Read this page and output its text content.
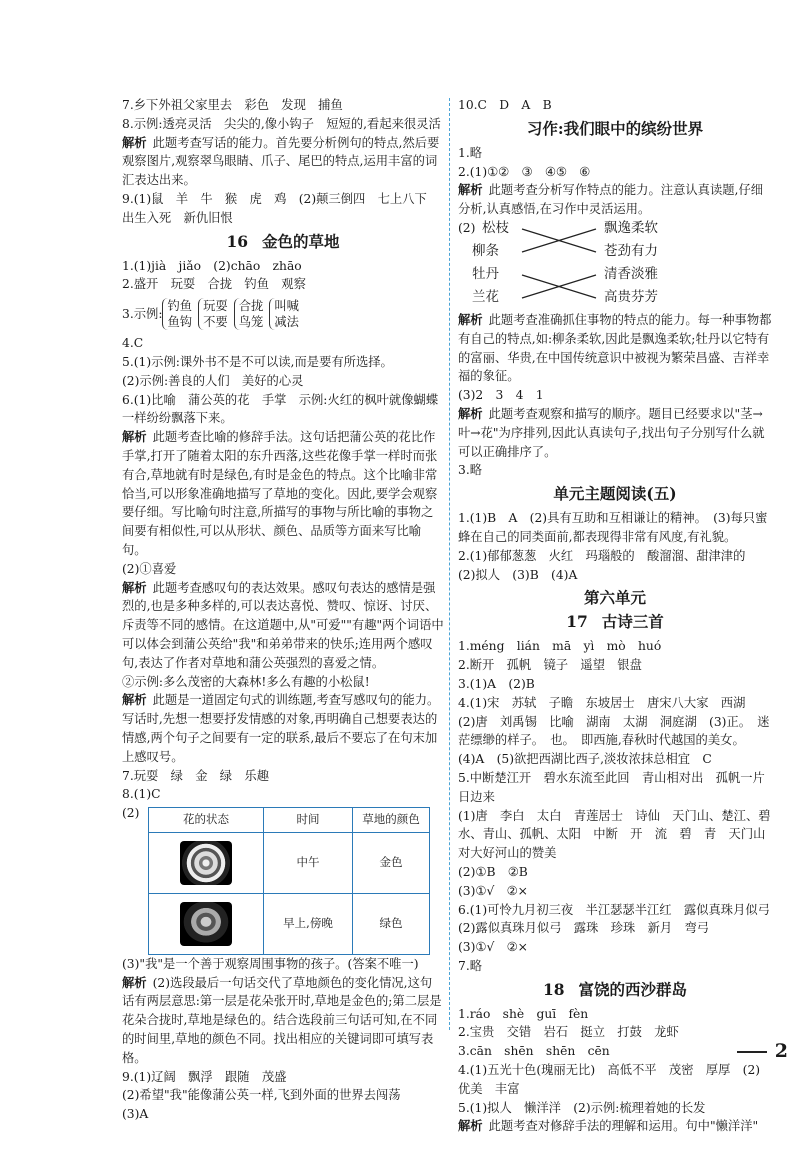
7.乡下外祖父家里去　彩色　发现　捕鱼
8.示例:透亮灵活　尖尖的,像小钩子　短短的,看起来很灵活
解析 此题考查写话的能力。首先要分析例句的特点,然后要观察图片,观察翠鸟眼睛、爪子、尾巴的特点,运用丰富的词汇表达出来。
9.(1)鼠　羊　牛　猴　虎　鸡　(2)颠三倒四　七上八下　出生入死　新仇旧恨
16 金色的草地
1.(1)jià　jiǎo　(2)chāo　zhāo
2.盛开　玩耍　合拢　钓鱼　观察
3.示例:
钓鱼
鱼钩
玩耍
不要
合拢
鸟笼
叫喊
减法
4.C
5.(1)示例:课外书不是不可以读,而是要有所选择。
(2)示例:善良的人们　美好的心灵
6.(1)比喻　蒲公英的花　手掌　示例:火红的枫叶就像蝴蝶一样纷纷飘落下来。
解析 此题考查比喻的修辞手法。这句话把蒲公英的花比作手掌,打开了随着太阳的东升西落,这些花像手掌一样时而张有合,草地就有时是绿色,有时是金色的特点。这个比喻非常恰当,可以形象准确地描写了草地的变化。因此,要学会观察要仔细。写比喻句时注意,所描写的事物与所比喻的事物之间要有相似性,可以从形状、颜色、品质等方面来写比喻句。
(2)①喜爱
解析 此题考查感叹句的表达效果。感叹句表达的感情是强烈的,也是多种多样的,可以表达喜悦、赞叹、惊讶、讨厌、斥责等不同的感情。在这道题中,从"可爱""有趣"两个词语中可以体会到蒲公英给"我"和弟弟带来的快乐;连用两个感叹句,表达了作者对草地和蒲公英强烈的喜爱之情。
②示例:多么茂密的大森林!多么有趣的小松鼠!
解析 此题是一道固定句式的训练题,考查写感叹句的能力。写话时,先想一想要抒发情感的对象,再明确自己想要表达的情感,两个句子之间要有一定的联系,最后不要忘了在句末加上感叹号。
7.玩耍　绿　金　绿　乐趣
8.(1)C
(2)	花的状态	时间	草地的颜色

	中午	金色

	早上,傍晚	绿色
(3)"我"是一个善于观察周围事物的孩子。(答案不唯一)
解析 (2)选段最后一句话交代了草地颜色的变化情况,这句话有两层意思:第一层是花朵张开时,草地是金色的;第二层是花朵合拢时,草地是绿色的。结合选段前三句话可知,在不同的时间里,草地的颜色不同。找出相应的关键词即可填写表格。
9.(1)辽阔　飘浮　跟随　茂盛
(2)希望"我"能像蒲公英一样,飞到外面的世界去闯荡
(3)A
10.C　D　A　B
习作:我们眼中的缤纷世界
1.略
2.(1)①②　③　④⑤　⑥
解析 此题考查分析写作特点的能力。注意认真读题,仔细分析,认真感悟,在习作中灵活运用。
(2) 松枝
柳条
牡丹
兰花
飘逸柔软
苍劲有力
清香淡雅
高贵芬芳
解析 此题考查准确抓住事物的特点的能力。每一种事物都有自己的特点,如:柳条柔软,因此是飘逸柔软;牡丹以它特有的富丽、华贵,在中国传统意识中被视为繁荣昌盛、吉祥幸福的象征。
(3)2　3　4　1
解析 此题考查观察和描写的顺序。题目已经要求以"茎→叶→花"为序排列,因此认真读句子,找出句子分别写什么就可以正确排序了。
3.略
单元主题阅读(五)
1.(1)B　A　(2)具有互助和互相谦让的精神。　(3)每只蜜蜂在自己的同类面前,都表现得非常有风度,有礼貌。
2.(1)郁郁葱葱　火红　玛瑙般的　酸溜溜、甜津津的　(2)拟人　(3)B　(4)A
第六单元
17 古诗三首
1.méng　lián　mā　yì　mò　huó
2.断开　孤帆　镜子　遥望　银盘
3.(1)A　(2)B
4.(1)宋　苏轼　子瞻　东坡居士　唐宋八大家　西湖　(2)唐　刘禹锡　比喻　湖南　太湖　洞庭湖　(3)正。　迷茫缥缈的样子。　也。　即西施,春秋时代越国的美女。
(4)A　(5)欲把西湖比西子,淡妆浓抹总相宜　C
5.中断楚江开　碧水东流至此回　青山相对出　孤帆一片日边来
(1)唐　李白　太白　青莲居士　诗仙　天门山、楚江、碧水、青山、孤帆、太阳　中断　开　流　碧　青　天门山　对大好河山的赞美
(2)①B　②B
(3)①√　②×
6.(1)可怜九月初三夜　半江瑟瑟半江红　露似真珠月似弓
(2)露似真珠月似弓　露珠　珍珠　新月　弯弓
(3)①√　②×
7.略
18 富饶的西沙群岛
1.ráo　shè　guī　fèn
2.宝贵　交错　岩石　挺立　打鼓　龙虾
3.cān　shēn　shēn　cēn
4.(1)五光十色(瑰丽无比)　高低不平　茂密　厚厚　(2)优美　丰富
5.(1)拟人　懒洋洋　(2)示例:梳理着她的长发
解析 此题考查对修辞手法的理解和运用。句中"懒洋洋"
2
